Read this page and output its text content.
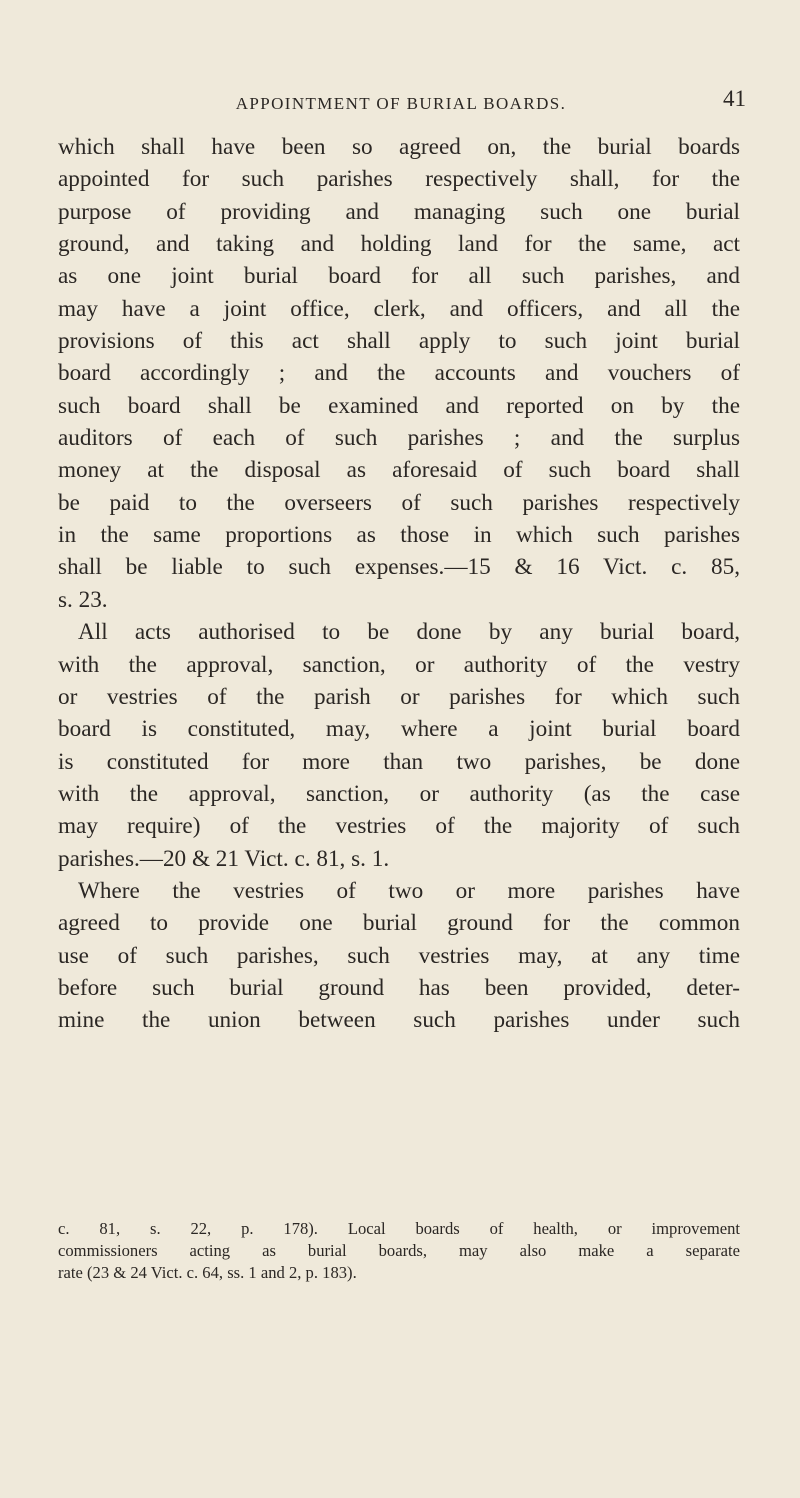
APPOINTMENT OF BURIAL BOARDS.	41
which shall have been so agreed on, the burial boards
appointed for such parishes respectively shall, for the
purpose of providing and managing such one burial
ground, and taking and holding land for the same, act
as one joint burial board for all such parishes, and
may have a joint office, clerk, and officers, and all the
provisions of this act shall apply to such joint burial
board accordingly ; and the accounts and vouchers of
such board shall be examined and reported on by the
auditors of each of such parishes ; and the surplus
money at the disposal as aforesaid of such board shall
be paid to the overseers of such parishes respectively
in the same proportions as those in which such parishes
shall be liable to such expenses.—15 & 16 Vict. c. 85,
s. 23.
All acts authorised to be done by any burial board,
with the approval, sanction, or authority of the vestry
or vestries of the parish or parishes for which such
board is constituted, may, where a joint burial board
is constituted for more than two parishes, be done
with the approval, sanction, or authority (as the case
may require) of the vestries of the majority of such
parishes.—20 & 21 Vict. c. 81, s. 1.
Where the vestries of two or more parishes have
agreed to provide one burial ground for the common
use of such parishes, such vestries may, at any time
before such burial ground has been provided, deter-
mine the union between such parishes under such
c. 81, s. 22, p. 178). Local boards of health, or improvement
commissioners acting as burial boards, may also make a separate
rate (23 & 24 Vict. c. 64, ss. 1 and 2, p. 183).
